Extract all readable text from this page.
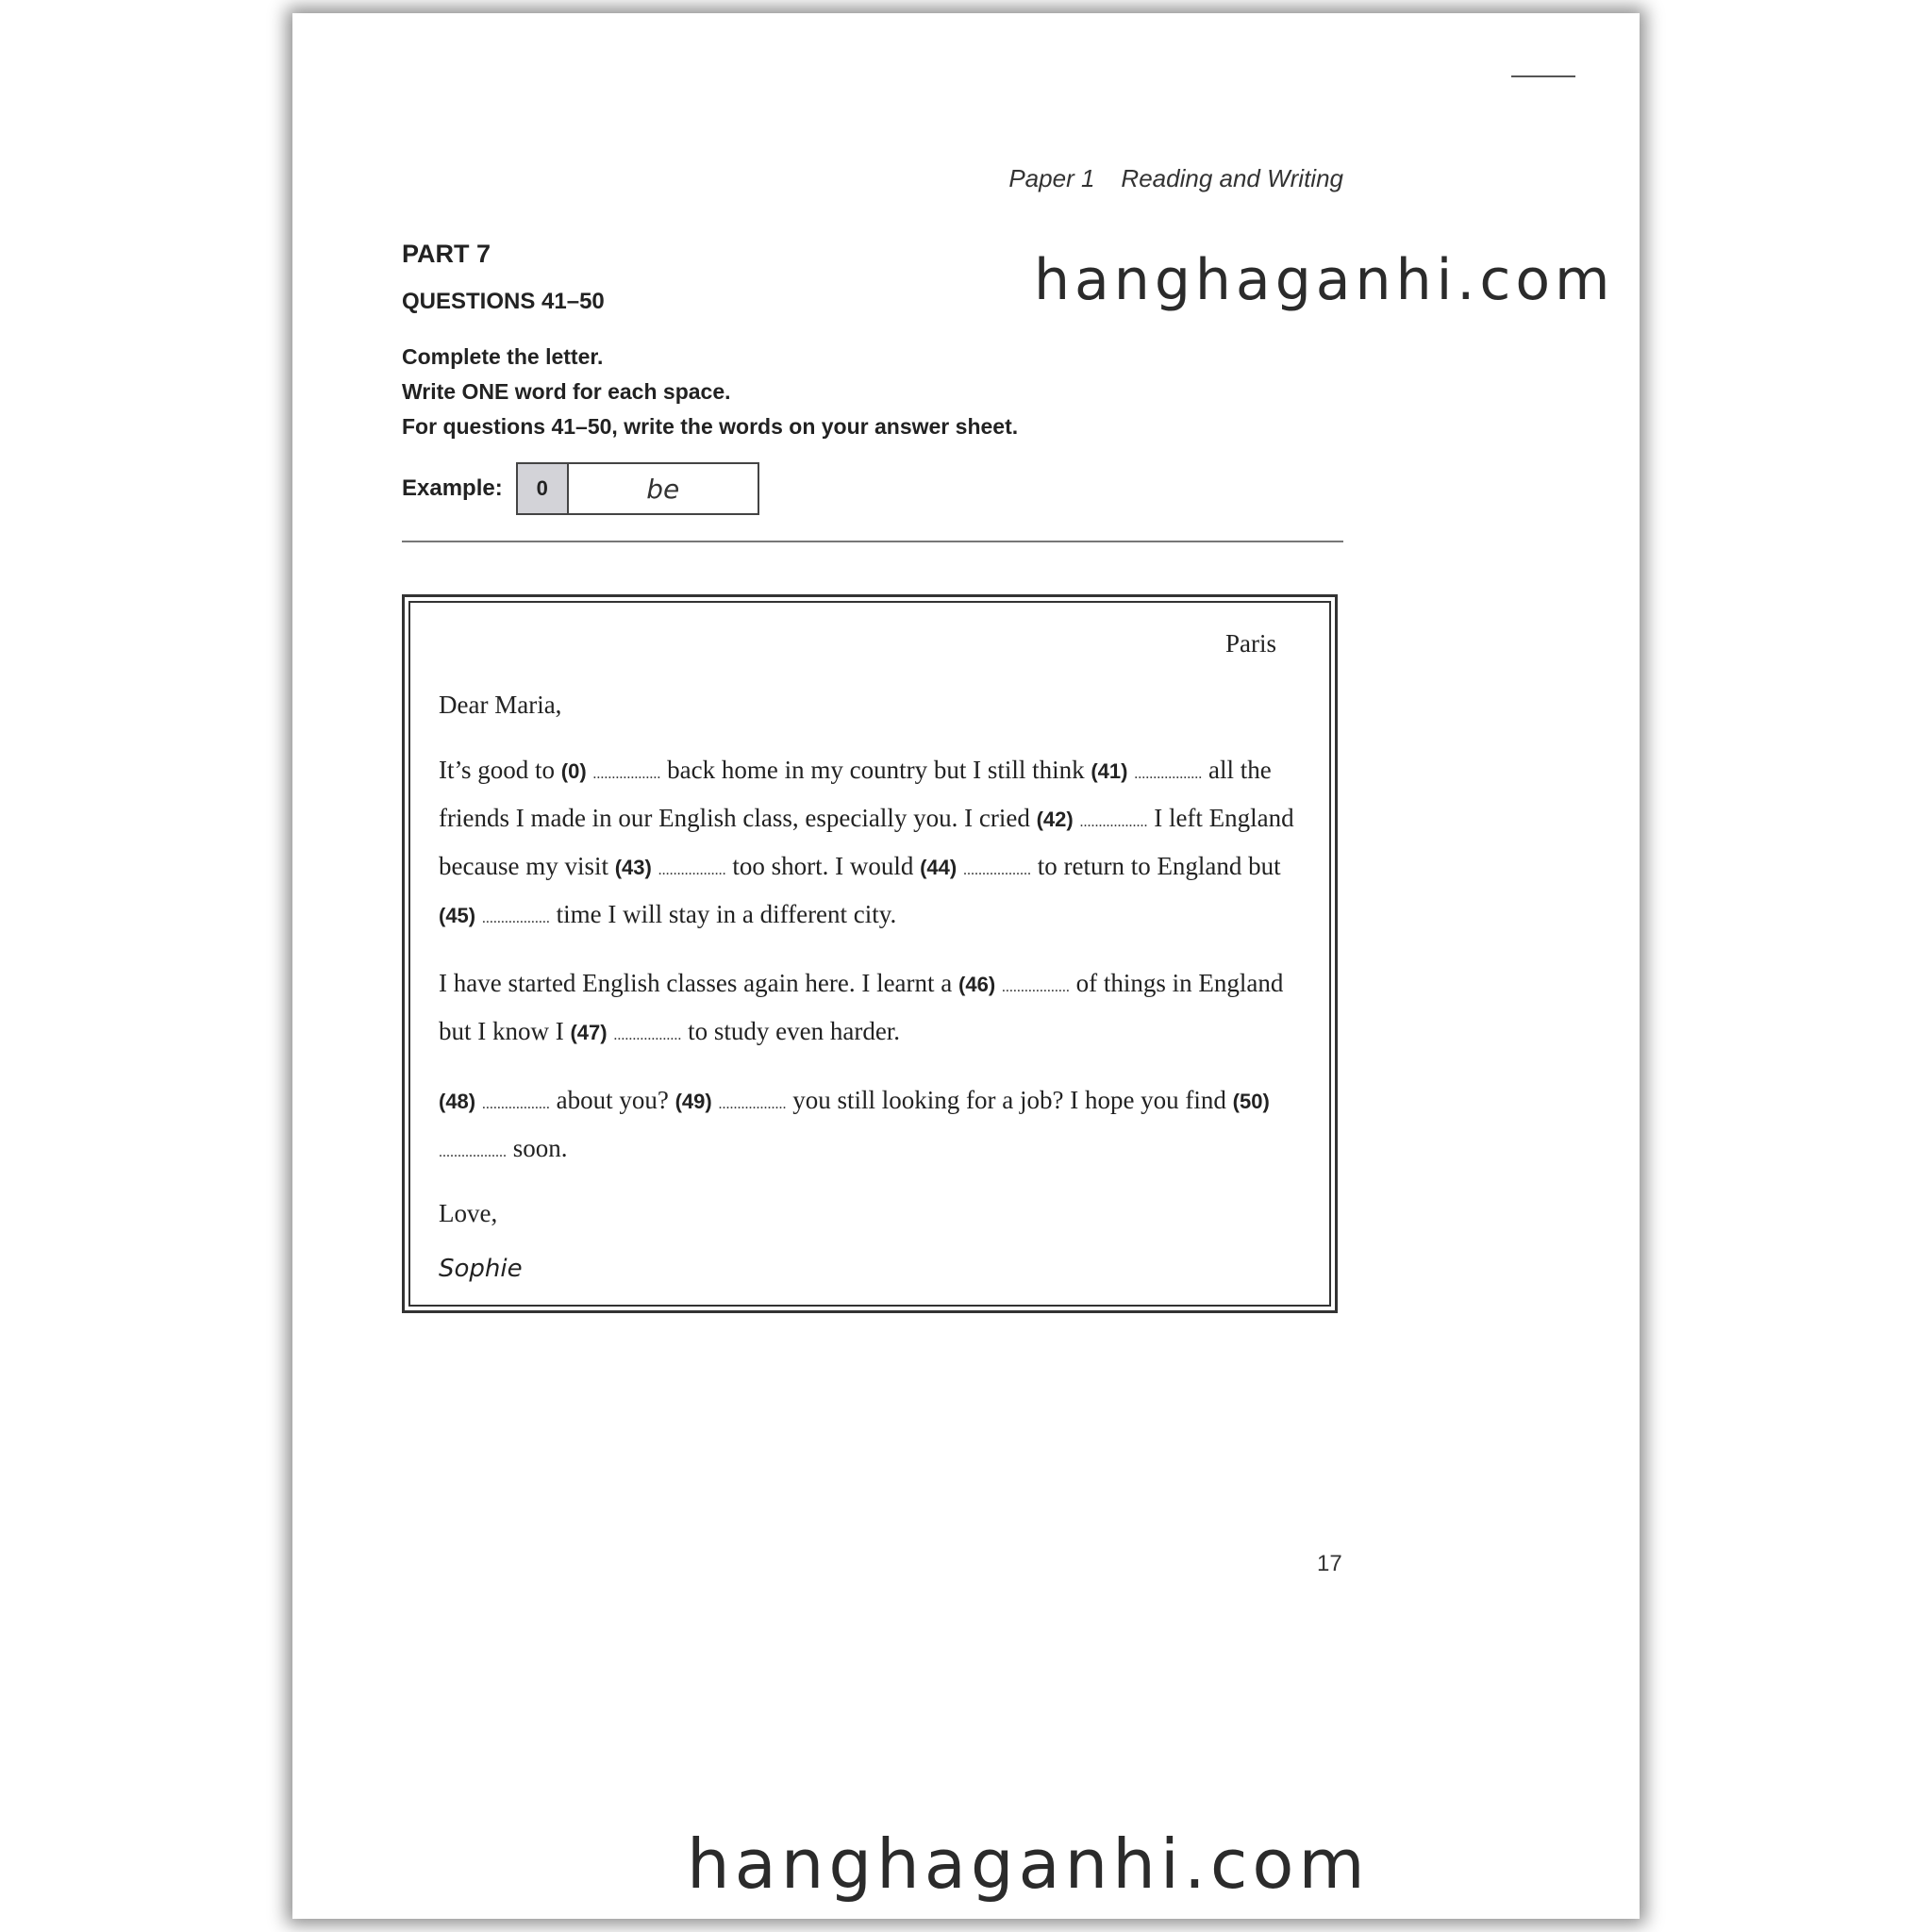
Paper 1 Reading and Writing
PART 7
QUESTIONS 41–50
Complete the letter.
Write ONE word for each space.
For questions 41–50, write the words on your answer sheet.
Example:	0	be
Paris
Dear Maria,
It’s good to (0) .................. back home in my country but I still think (41) .................. all the friends I made in our English class, especially you. I cried (42) .................. I left England because my visit (43) .................. too short. I would (44) .................. to return to England but (45) .................. time I will stay in a different city.
I have started English classes again here. I learnt a (46) .................. of things in England but I know I (47) .................. to study even harder.
(48) .................. about you? (49) .................. you still looking for a job? I hope you find (50) .................. soon.
Love,
Sophie
17
hanghaganhi.com
hanghaganhi.com
